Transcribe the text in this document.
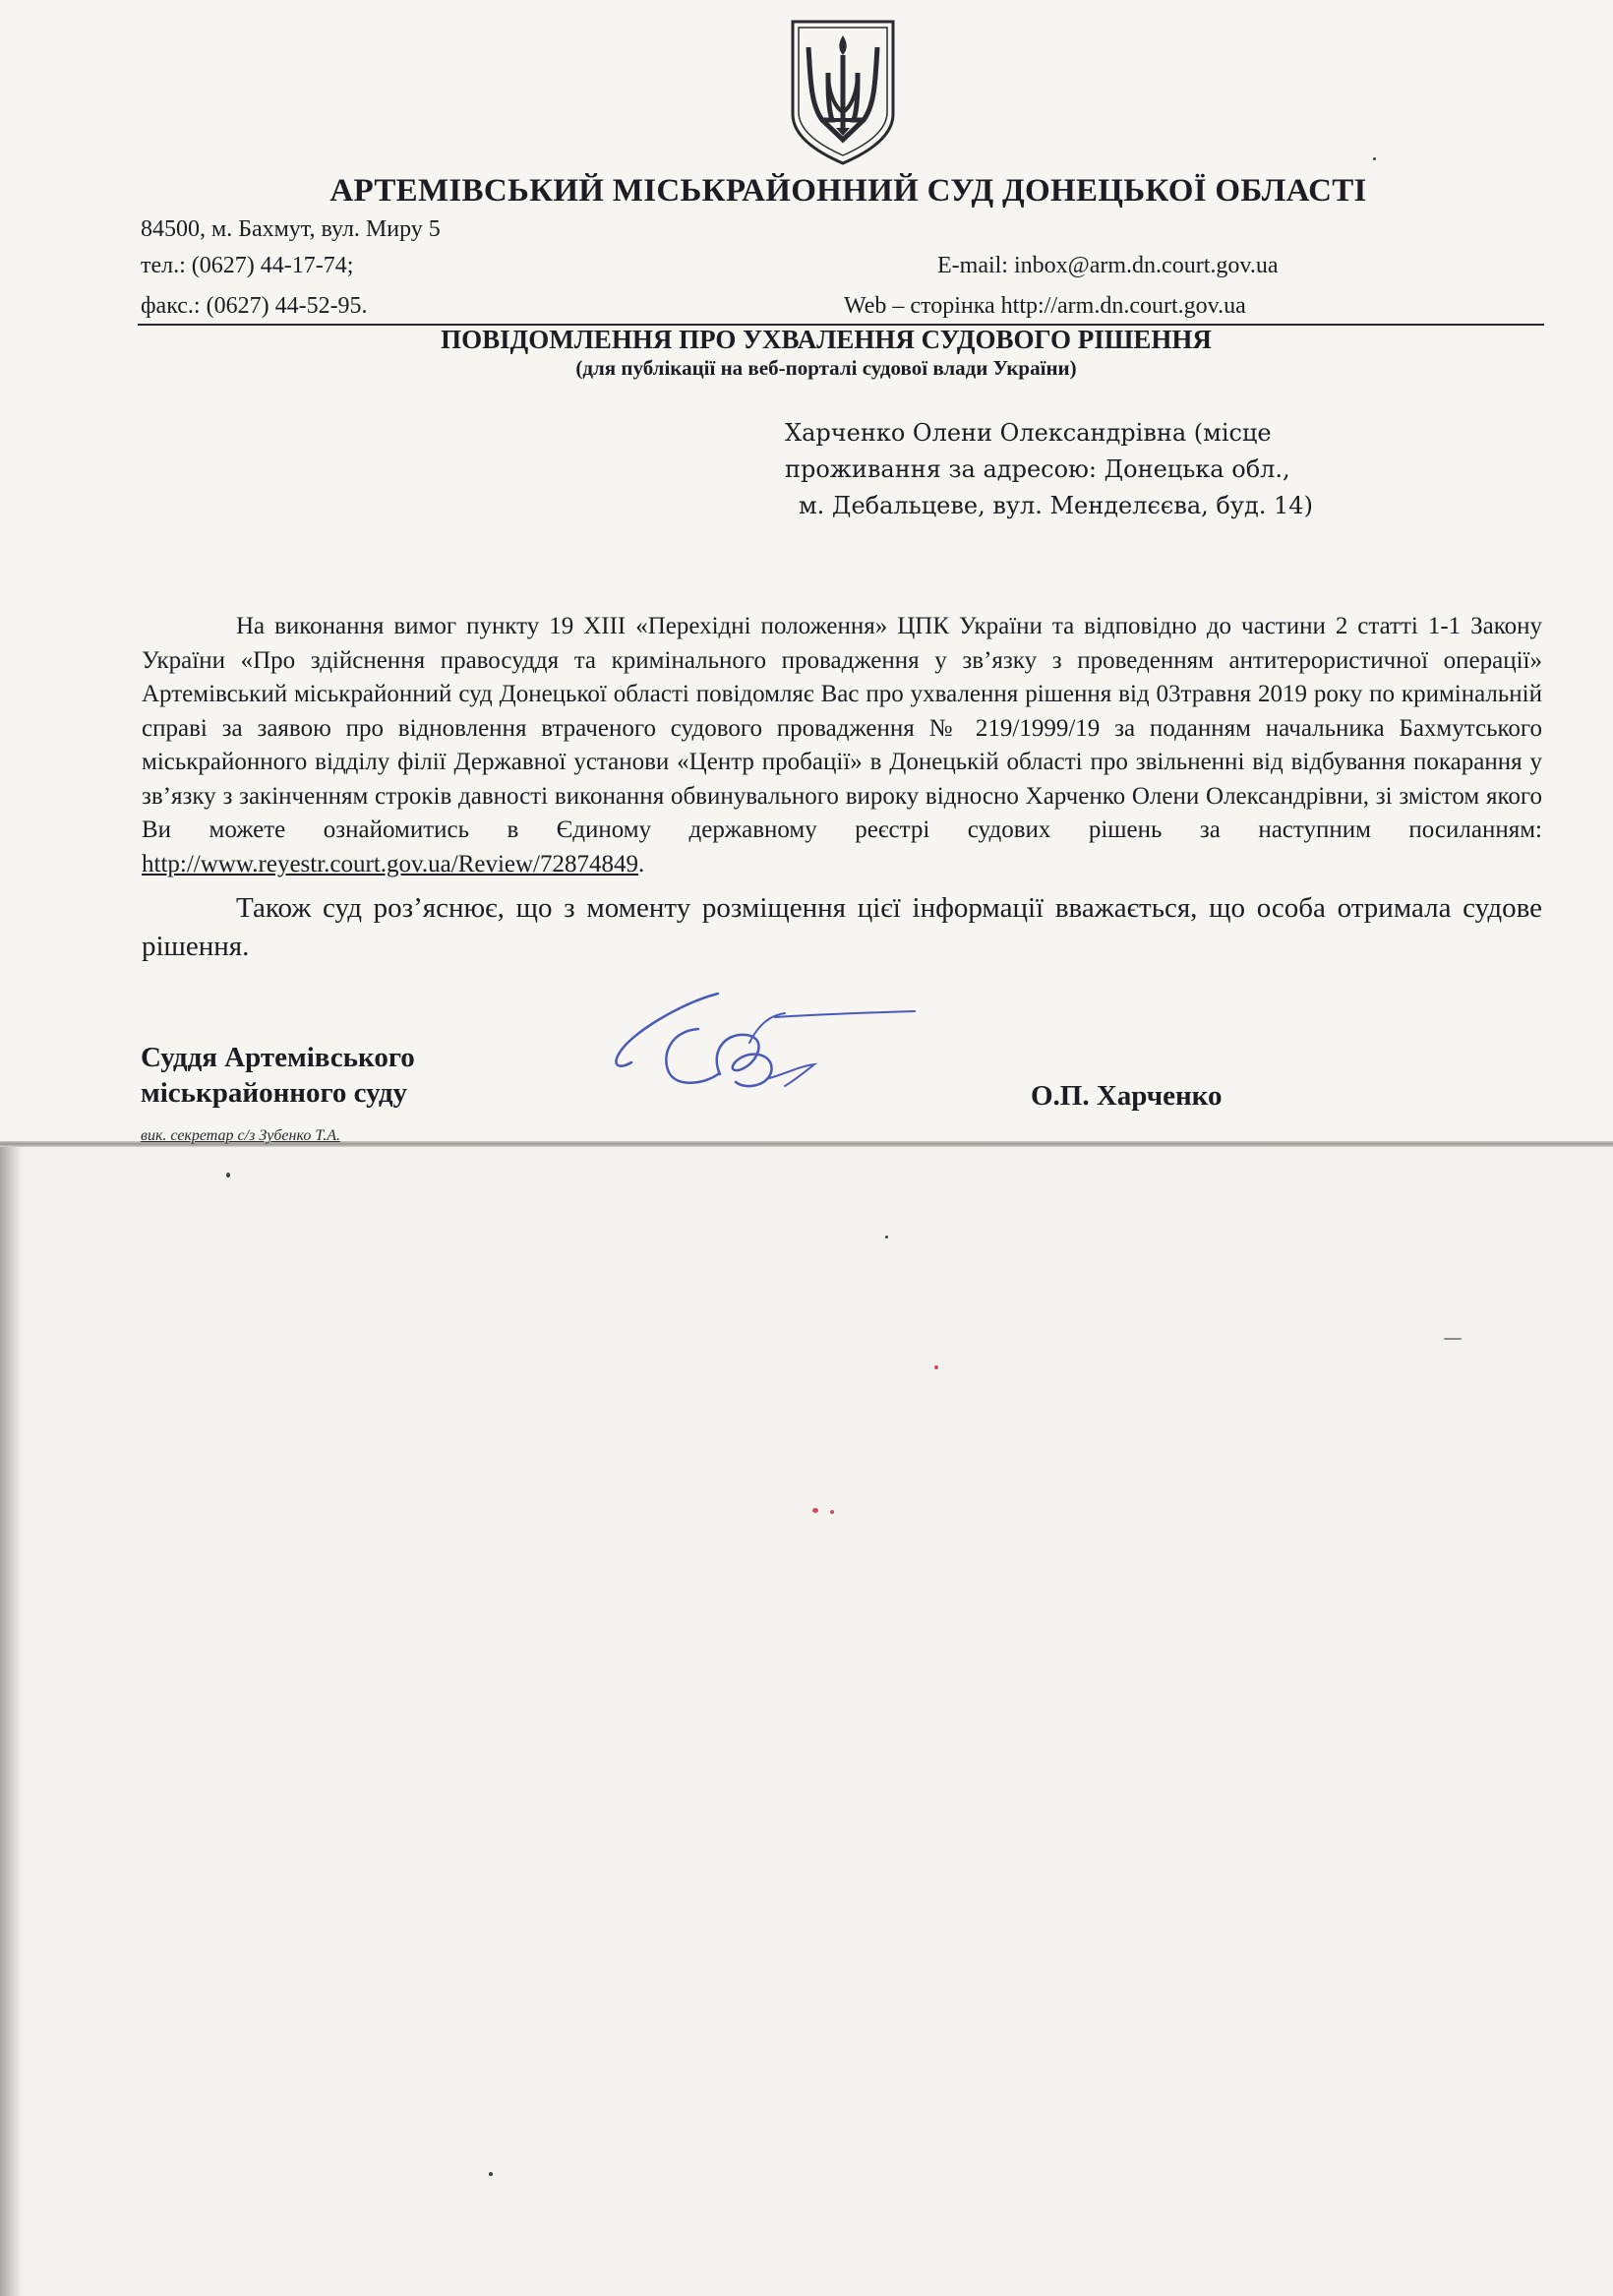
АРТЕМІВСЬКИЙ МІСЬКРАЙОННИЙ СУД ДОНЕЦЬКОЇ ОБЛАСТІ
84500, м. Бахмут, вул. Миру 5
тел.: (0627) 44-17-74;	E-mail: inbox@arm.dn.court.gov.ua
факс.: (0627) 44-52-95.	Web – сторінка http://arm.dn.court.gov.ua
ПОВІДОМЛЕННЯ ПРО УХВАЛЕННЯ СУДОВОГО РІШЕННЯ
(для публікації на веб-порталі судової влади України)
Харченко Олени Олександрівна (місце
проживання за адресою: Донецька обл.,
м. Дебальцеве, вул. Менделєєва, буд. 14)

На виконання вимог пункту 19 XIII «Перехідні положення» ЦПК України та відповідно до частини 2 статті 1-1 Закону України «Про здійснення правосуддя та кримінального провадження у зв’язку з проведенням антитерористичної операції» Артемівський міськрайонний суд Донецької області повідомляє Вас про ухвалення рішення від 03травня 2019 року по кримінальній справі за заявою про відновлення втраченого судового провадження № 219/1999/19 за поданням начальника Бахмутського міськрайонного відділу філії Державної установи «Центр пробації» в Донецькій області про звільненні від відбування покарання у зв’язку з закінченням строків давності виконання обвинувального вироку відносно Харченко Олени Олександрівни, зі змістом якого Ви можете ознайомитись в Єдиному державному реєстрі судових рішень за наступним посиланням: http://www.reyestr.court.gov.ua/Review/72874849.

Також суд роз’яснює, що з моменту розміщення цієї інформації вважається, що особа отримала судове рішення.

Суддя Артемівського
міськрайонного суду	О.П. Харченко
вик. секретар с/з Зубенко Т.А.
